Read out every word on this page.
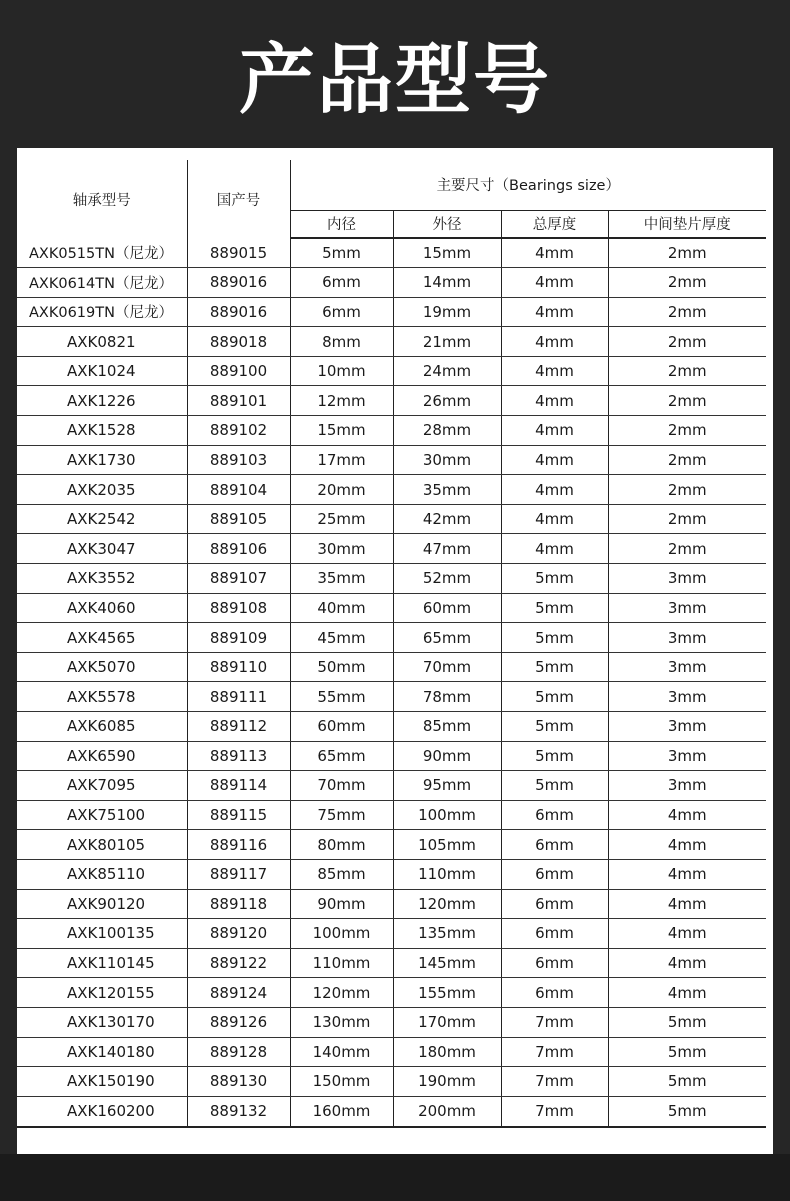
产品型号
轴承型号	国产号	主要尺寸（Bearings size）			
		内径	外径	总厚度	中间垫片厚度
AXK0515TN（尼龙）	889015	5mm	15mm	4mm	2mm
AXK0614TN（尼龙）	889016	6mm	14mm	4mm	2mm
AXK0619TN（尼龙）	889016	6mm	19mm	4mm	2mm
AXK0821	889018	8mm	21mm	4mm	2mm
AXK1024	889100	10mm	24mm	4mm	2mm
AXK1226	889101	12mm	26mm	4mm	2mm
AXK1528	889102	15mm	28mm	4mm	2mm
AXK1730	889103	17mm	30mm	4mm	2mm
AXK2035	889104	20mm	35mm	4mm	2mm
AXK2542	889105	25mm	42mm	4mm	2mm
AXK3047	889106	30mm	47mm	4mm	2mm
AXK3552	889107	35mm	52mm	5mm	3mm
AXK4060	889108	40mm	60mm	5mm	3mm
AXK4565	889109	45mm	65mm	5mm	3mm
AXK5070	889110	50mm	70mm	5mm	3mm
AXK5578	889111	55mm	78mm	5mm	3mm
AXK6085	889112	60mm	85mm	5mm	3mm
AXK6590	889113	65mm	90mm	5mm	3mm
AXK7095	889114	70mm	95mm	5mm	3mm
AXK75100	889115	75mm	100mm	6mm	4mm
AXK80105	889116	80mm	105mm	6mm	4mm
AXK85110	889117	85mm	110mm	6mm	4mm
AXK90120	889118	90mm	120mm	6mm	4mm
AXK100135	889120	100mm	135mm	6mm	4mm
AXK110145	889122	110mm	145mm	6mm	4mm
AXK120155	889124	120mm	155mm	6mm	4mm
AXK130170	889126	130mm	170mm	7mm	5mm
AXK140180	889128	140mm	180mm	7mm	5mm
AXK150190	889130	150mm	190mm	7mm	5mm
AXK160200	889132	160mm	200mm	7mm	5mm
